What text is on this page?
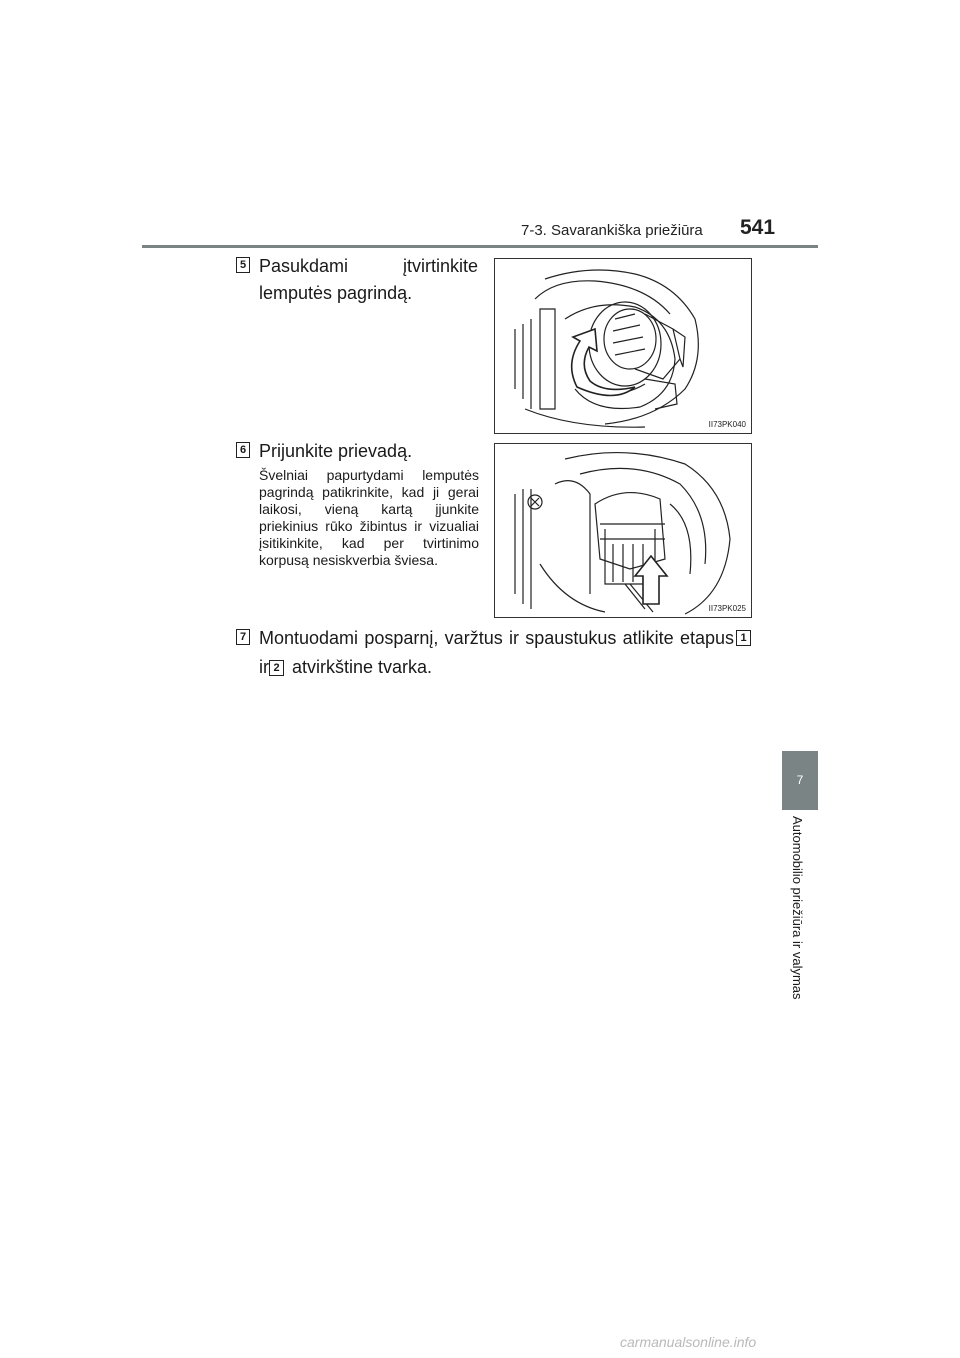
7-3. Savarankiška priežiūra 541
5 Pasukdami įtvirtinkite
lemputės pagrindą.
II73PK040
6 Prijunkite prievadą.
Švelniai papurtydami lemputės pagrindą patikrinkite, kad ji gerai laikosi, vieną kartą įjunkite priekinius rūko žibintus ir vizualiai įsitikinkite, kad per tvirtinimo korpusą nesiskverbia šviesa.
II73PK025
7 Montuodami posparnį, varžtus ir spaustukus atlikite etapus 1
ir 2 atvirkštine tvarka.
7
Automobilio priežiūra ir valymas
carmanualsonline.info
